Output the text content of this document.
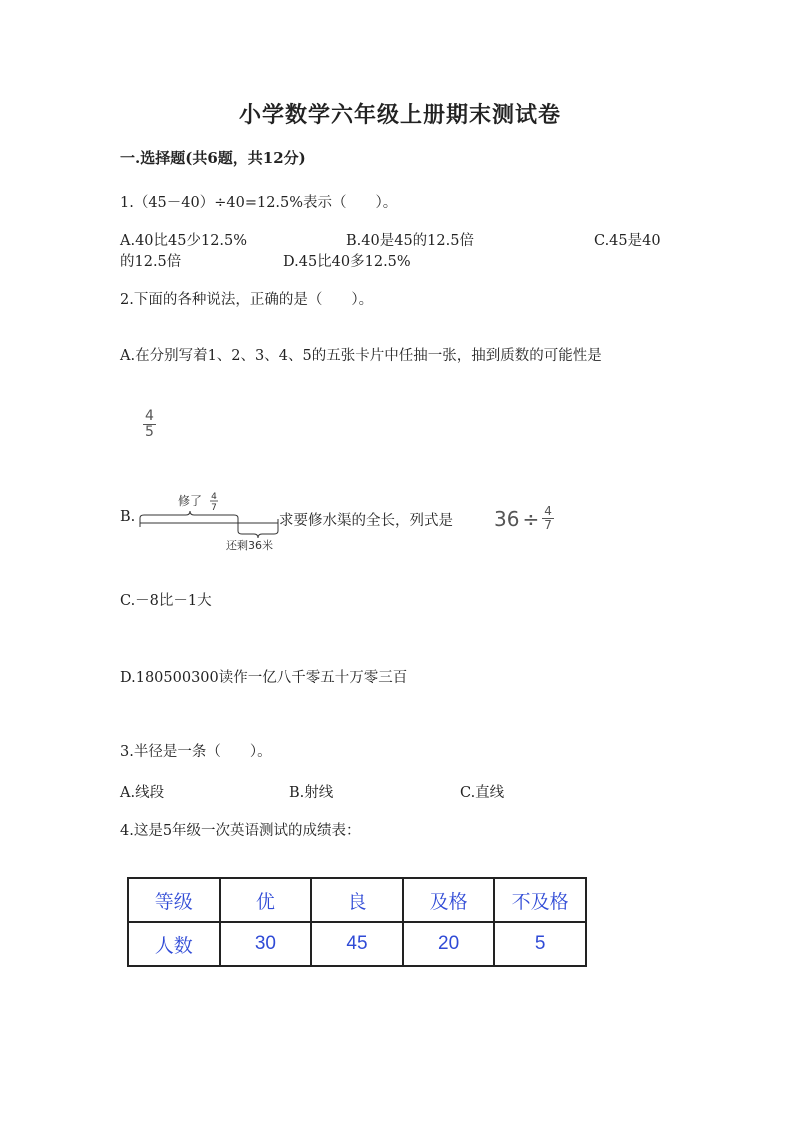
小学数学六年级上册期末测试卷
一.选择题(共6题，共12分)
1.（45－40）÷40=12.5%表示（　　）。
A.40比45少12.5%	B.40是45的12.5倍	C.45是40
的12.5倍	D.45比40多12.5%
2.下面的各种说法，正确的是（　　）。
A.在分别写着1、2、3、4、5的五张卡片中任抽一张，抽到质数的可能性是
$\frac{4}{5}$
B.
修了 4
7
还剩36米
求要修水渠的全长，列式是 $36 \div \frac{4}{7}$
C.－8比－1大
D.180500300读作一亿八千零五十万零三百
3.半径是一条（　　）。
A.线段	B.射线	C.直线
4.这是5年级一次英语测试的成绩表：
等级	优	良	及格	不及格
人数	30	45	20	5
